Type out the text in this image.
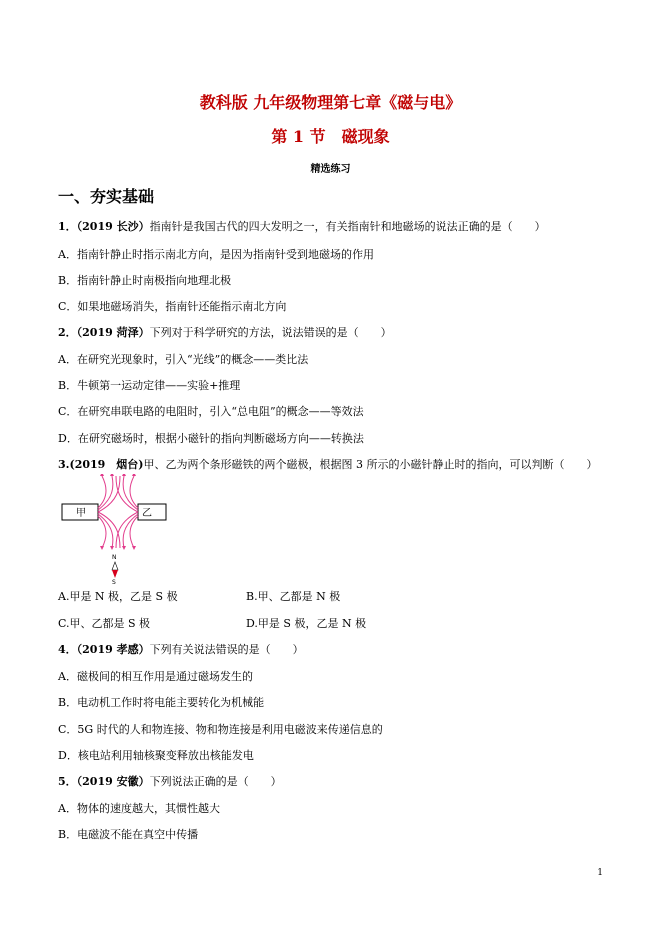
教科版 九年级物理第七章《磁与电》
第 1 节　磁现象
精选练习
一、夯实基础
1．（2019 长沙）指南针是我国古代的四大发明之一，有关指南针和地磁场的说法正确的是（　　）
A．指南针静止时指示南北方向，是因为指南针受到地磁场的作用
B．指南针静止时南极指向地理北极
C．如果地磁场消失，指南针还能指示南北方向
2．（2019 菏泽）下列对于科学研究的方法，说法错误的是（　　）
A．在研究光现象时，引入“光线”的概念——类比法
B．牛顿第一运动定律——实验+推理
C．在研究串联电路的电阻时，引入“总电阻”的概念——等效法
D．在研究磁场时，根据小磁针的指向判断磁场方向——转换法
3.(2019　烟台)甲、乙为两个条形磁铁的两个磁极，根据图 3 所示的小磁针静止时的指向，可以判断（　　）
甲	乙
N
S
A.甲是 N 极，乙是 S 极	B.甲、乙都是 N 极
C.甲、乙都是 S 极	D.甲是 S 极，乙是 N 极
4．（2019 孝感）下列有关说法错误的是（　　）
A．磁极间的相互作用是通过磁场发生的
B．电动机工作时将电能主要转化为机械能
C．5G 时代的人和物连接、物和物连接是利用电磁波来传递信息的
D．核电站利用轴核聚变释放出核能发电
5．（2019 安徽）下列说法正确的是（　　）
A．物体的速度越大，其惯性越大
B．电磁波不能在真空中传播
1
